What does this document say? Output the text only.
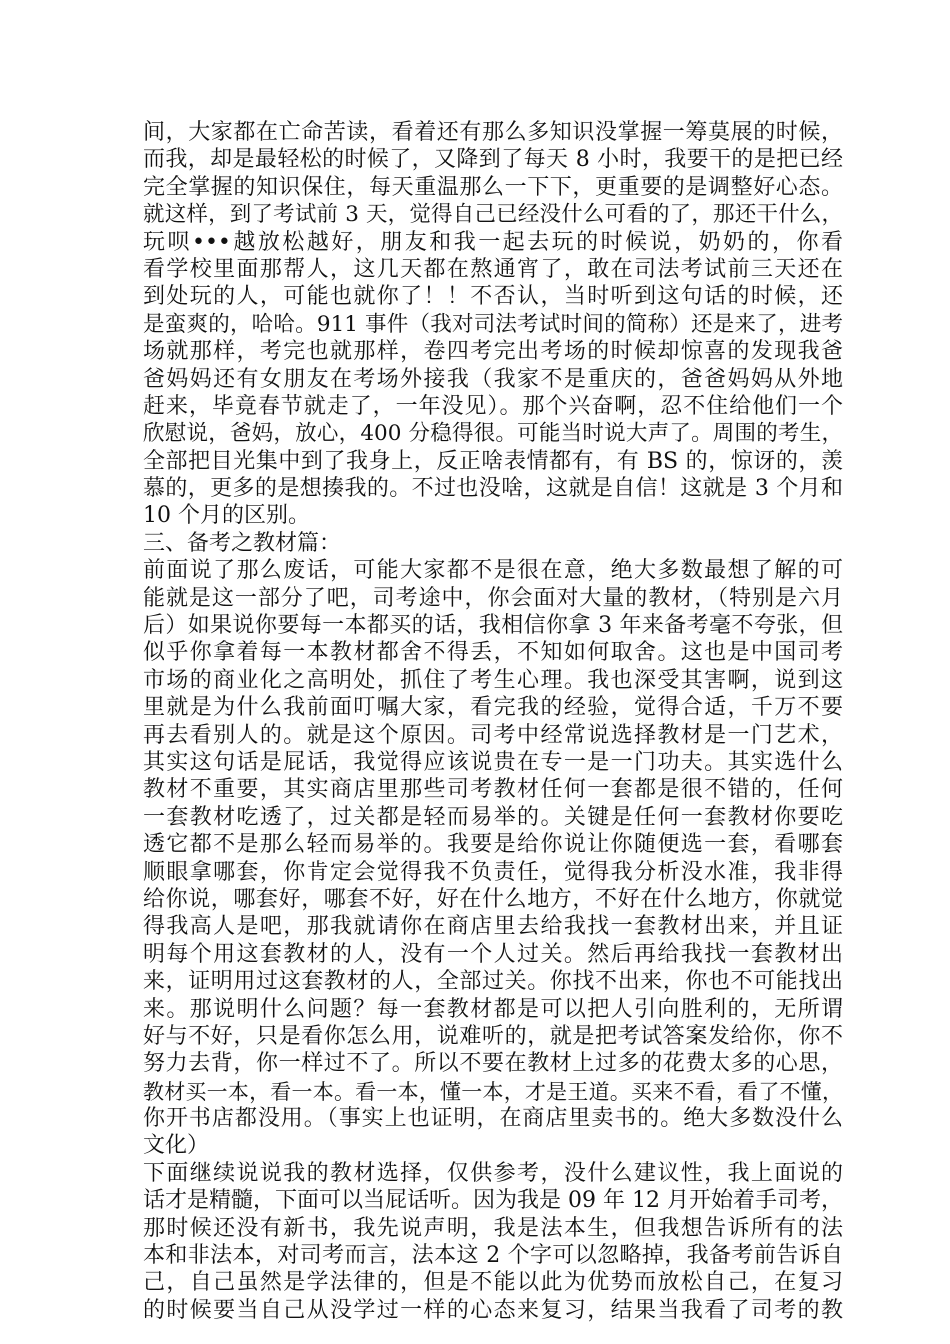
间，大家都在亡命苦读，看着还有那么多知识没掌握一筹莫展的时候，
而我，却是最轻松的时候了，又降到了每天 8 小时，我要干的是把已经
完全掌握的知识保住，每天重温那么一下下，更重要的是调整好心态。
就这样，到了考试前 3 天，觉得自己已经没什么可看的了，那还干什么，
玩呗•••越放松越好，朋友和我一起去玩的时候说，奶奶的，你看
看学校里面那帮人，这几天都在熬通宵了，敢在司法考试前三天还在
到处玩的人，可能也就你了！！不否认，当时听到这句话的时候，还
是蛮爽的，哈哈。911 事件（我对司法考试时间的简称）还是来了，进考
场就那样，考完也就那样，卷四考完出考场的时候却惊喜的发现我爸
爸妈妈还有女朋友在考场外接我（我家不是重庆的，爸爸妈妈从外地
赶来，毕竟春节就走了，一年没见）。那个兴奋啊，忍不住给他们一个
欣慰说，爸妈，放心，400 分稳得很。可能当时说大声了。周围的考生，
全部把目光集中到了我身上，反正啥表情都有，有 BS 的，惊讶的，羡
慕的，更多的是想揍我的。不过也没啥，这就是自信！这就是 3 个月和
10 个月的区别。
三、备考之教材篇：
前面说了那么废话，可能大家都不是很在意，绝大多数最想了解的可
能就是这一部分了吧，司考途中，你会面对大量的教材，（特别是六月
后）如果说你要每一本都买的话，我相信你拿 3 年来备考毫不夸张，但
似乎你拿着每一本教材都舍不得丢，不知如何取舍。这也是中国司考
市场的商业化之高明处，抓住了考生心理。我也深受其害啊，说到这
里就是为什么我前面叮嘱大家，看完我的经验，觉得合适，千万不要
再去看别人的。就是这个原因。司考中经常说选择教材是一门艺术，
其实这句话是屁话，我觉得应该说贵在专一是一门功夫。其实选什么
教材不重要，其实商店里那些司考教材任何一套都是很不错的，任何
一套教材吃透了，过关都是轻而易举的。关键是任何一套教材你要吃
透它都不是那么轻而易举的。我要是给你说让你随便选一套，看哪套
顺眼拿哪套，你肯定会觉得我不负责任，觉得我分析没水准，我非得
给你说，哪套好，哪套不好，好在什么地方，不好在什么地方，你就觉
得我高人是吧，那我就请你在商店里去给我找一套教材出来，并且证
明每个用这套教材的人，没有一个人过关。然后再给我找一套教材出
来，证明用过这套教材的人，全部过关。你找不出来，你也不可能找出
来。那说明什么问题？每一套教材都是可以把人引向胜利的，无所谓
好与不好，只是看你怎么用，说难听的，就是把考试答案发给你，你不
努力去背，你一样过不了。所以不要在教材上过多的花费太多的心思，
教材买一本，看一本。看一本，懂一本，才是王道。买来不看，看了不懂，
你开书店都没用。（事实上也证明，在商店里卖书的。绝大多数没什么
文化）
下面继续说说我的教材选择，仅供参考，没什么建议性，我上面说的
话才是精髓，下面可以当屁话听。因为我是 09 年 12 月开始着手司考，
那时候还没有新书，我先说声明，我是法本生，但我想告诉所有的法
本和非法本，对司考而言，法本这 2 个字可以忽略掉，我备考前告诉自
己，自己虽然是学法律的，但是不能以此为优势而放松自己，在复习
的时候要当自己从没学过一样的心态来复习，结果当我看了司考的教
